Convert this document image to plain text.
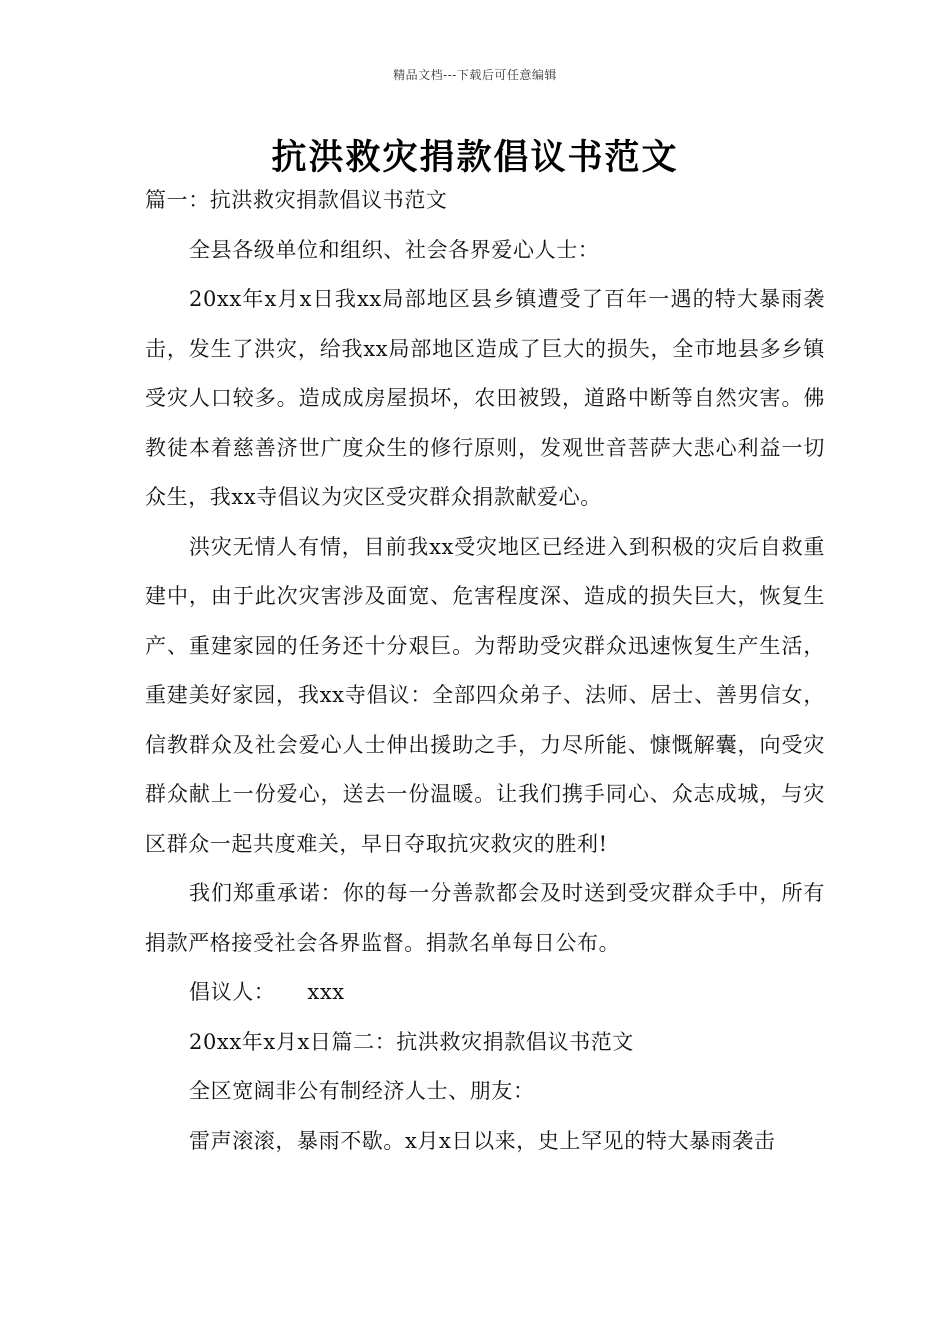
精品文档---下载后可任意编辑
抗洪救灾捐款倡议书范文

篇一：抗洪救灾捐款倡议书范文

全县各级单位和组织、社会各界爱心人士：

20xx年x月x日我xx局部地区县乡镇遭受了百年一遇的特大暴雨袭击，发生了洪灾，给我xx局部地区造成了巨大的损失，全市地县多乡镇受灾人口较多。造成成房屋损坏，农田被毁，道路中断等自然灾害。佛教徒本着慈善济世广度众生的修行原则，发观世音菩萨大悲心利益一切众生，我xx寺倡议为灾区受灾群众捐款献爱心。

洪灾无情人有情，目前我xx受灾地区已经进入到积极的灾后自救重建中，由于此次灾害涉及面宽、危害程度深、造成的损失巨大，恢复生产、重建家园的任务还十分艰巨。为帮助受灾群众迅速恢复生产生活，重建美好家园，我xx寺倡议：全部四众弟子、法师、居士、善男信女，信教群众及社会爱心人士伸出援助之手，力尽所能、慷慨解囊，向受灾群众献上一份爱心，送去一份温暖。让我们携手同心、众志成城，与灾区群众一起共度难关，早日夺取抗灾救灾的胜利!

我们郑重承诺：你的每一分善款都会及时送到受灾群众手中，所有捐款严格接受社会各界监督。捐款名单每日公布。

倡议人： xxx

20xx年x月x日篇二：抗洪救灾捐款倡议书范文

全区宽阔非公有制经济人士、朋友：

雷声滚滚，暴雨不歇。x月x日以来，史上罕见的特大暴雨袭击
